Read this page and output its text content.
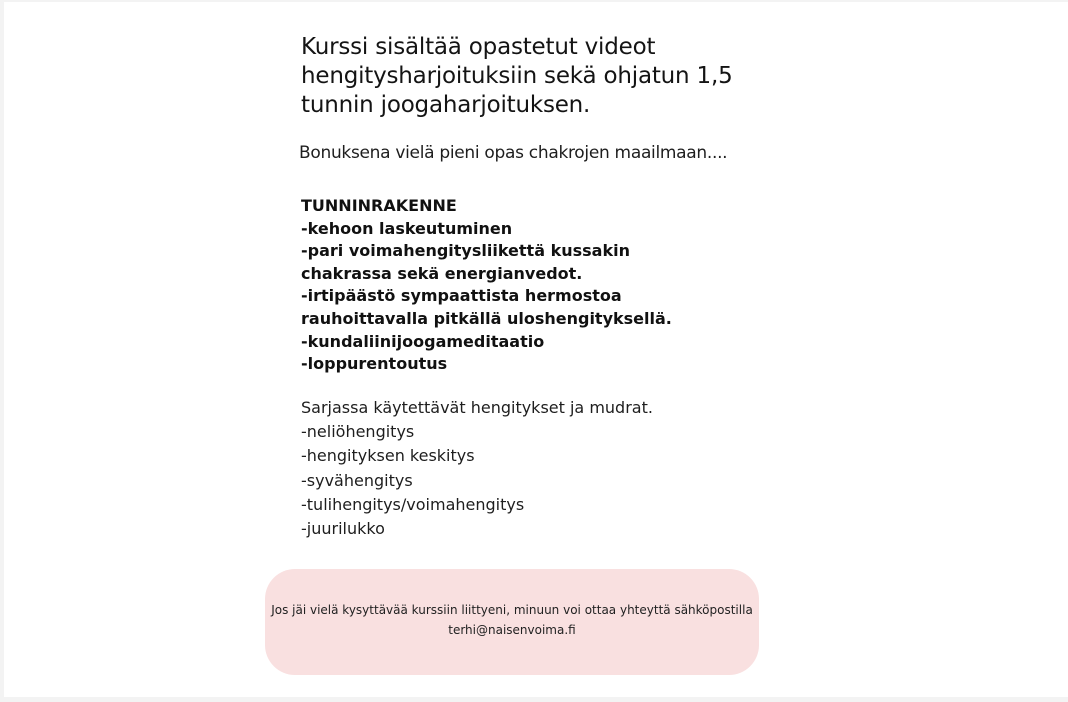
Kurssi sisältää opastetut videot hengitysharjoituksiin sekä ohjatun 1,5 tunnin joogaharjoituksen.
Bonuksena vielä pieni opas chakrojen maailmaan....
TUNNINRAKENNE
-kehoon laskeutuminen
-pari voimahengitysliikettä kussakin
chakrassa sekä energianvedot.
-irtipäästö sympaattista hermostoa
rauhoittavalla pitkällä uloshengityksellä.
-kundaliinijoogameditaatio
-loppurentoutus
Sarjassa käytettävät hengitykset ja mudrat.
-neliöhengitys
-hengityksen keskitys
-syvähengitys
-tulihengitys/voimahengitys
-juurilukko
Jos jäi vielä kysyttävää kurssiin liittyeni, minuun voi ottaa yhteyttä sähköpostilla
terhi@naisenvoima.fi
